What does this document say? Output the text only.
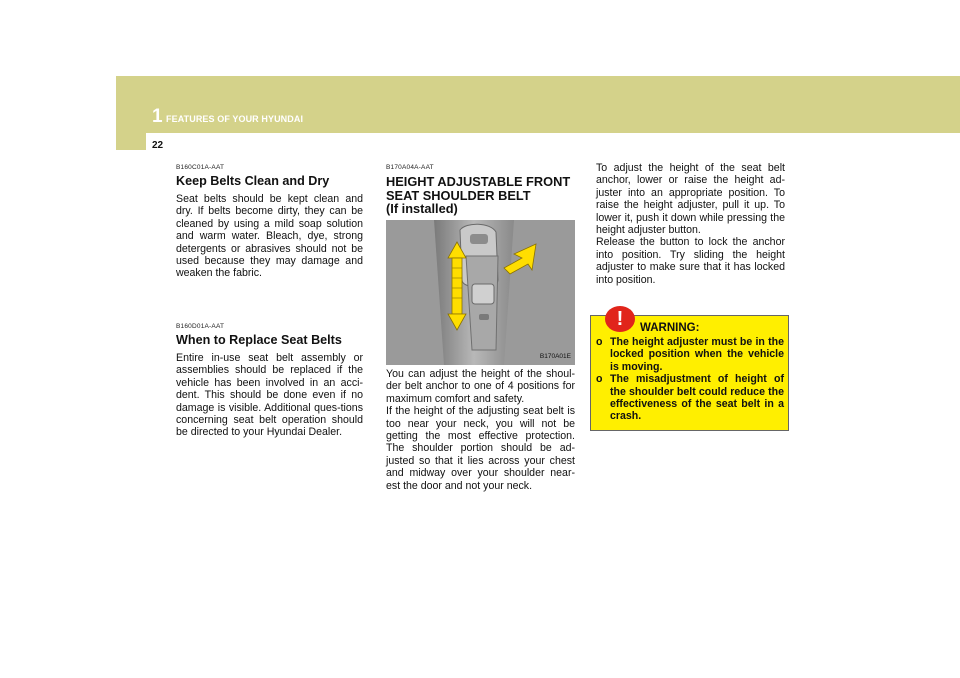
1 FEATURES OF YOUR HYUNDAI
22
B160C01A-AAT
Keep Belts Clean and Dry

Seat belts should be kept clean and dry. If belts become dirty, they can be cleaned by using a mild soap solution and warm water. Bleach, dye, strong detergents or abrasives should not be used because they may damage and weaken the fabric.

B160D01A-AAT
When to Replace Seat Belts

Entire in-use seat belt assembly or assemblies should be replaced if the vehicle has been involved in an acci-dent. This should be done even if no damage is visible. Additional ques-tions concerning seat belt operation should be directed to your Hyundai Dealer.

B170A04A-AAT
HEIGHT ADJUSTABLE FRONT
SEAT SHOULDER BELT
(If installed)
B170A01E

You can adjust the height of the shoul-der belt anchor to one of 4 positions for maximum comfort and safety.

If the height of the adjusting seat belt is too near your neck, you will not be getting the most effective protection. The shoulder portion should be ad-justed so that it lies across your chest and midway over your shoulder near-est the door and not your neck.

To adjust the height of the seat belt anchor, lower or raise the height ad-juster into an appropriate position. To raise the height adjuster, pull it up. To lower it, push it down while pressing the height adjuster button.

Release the button to lock the anchor into position. Try sliding the height adjuster to make sure that it has locked into position.

!	WARNING:
o The height adjuster must be in the locked position when the vehicle is moving.
o The misadjustment of height of the shoulder belt could reduce the effectiveness of the seat belt in a crash.
